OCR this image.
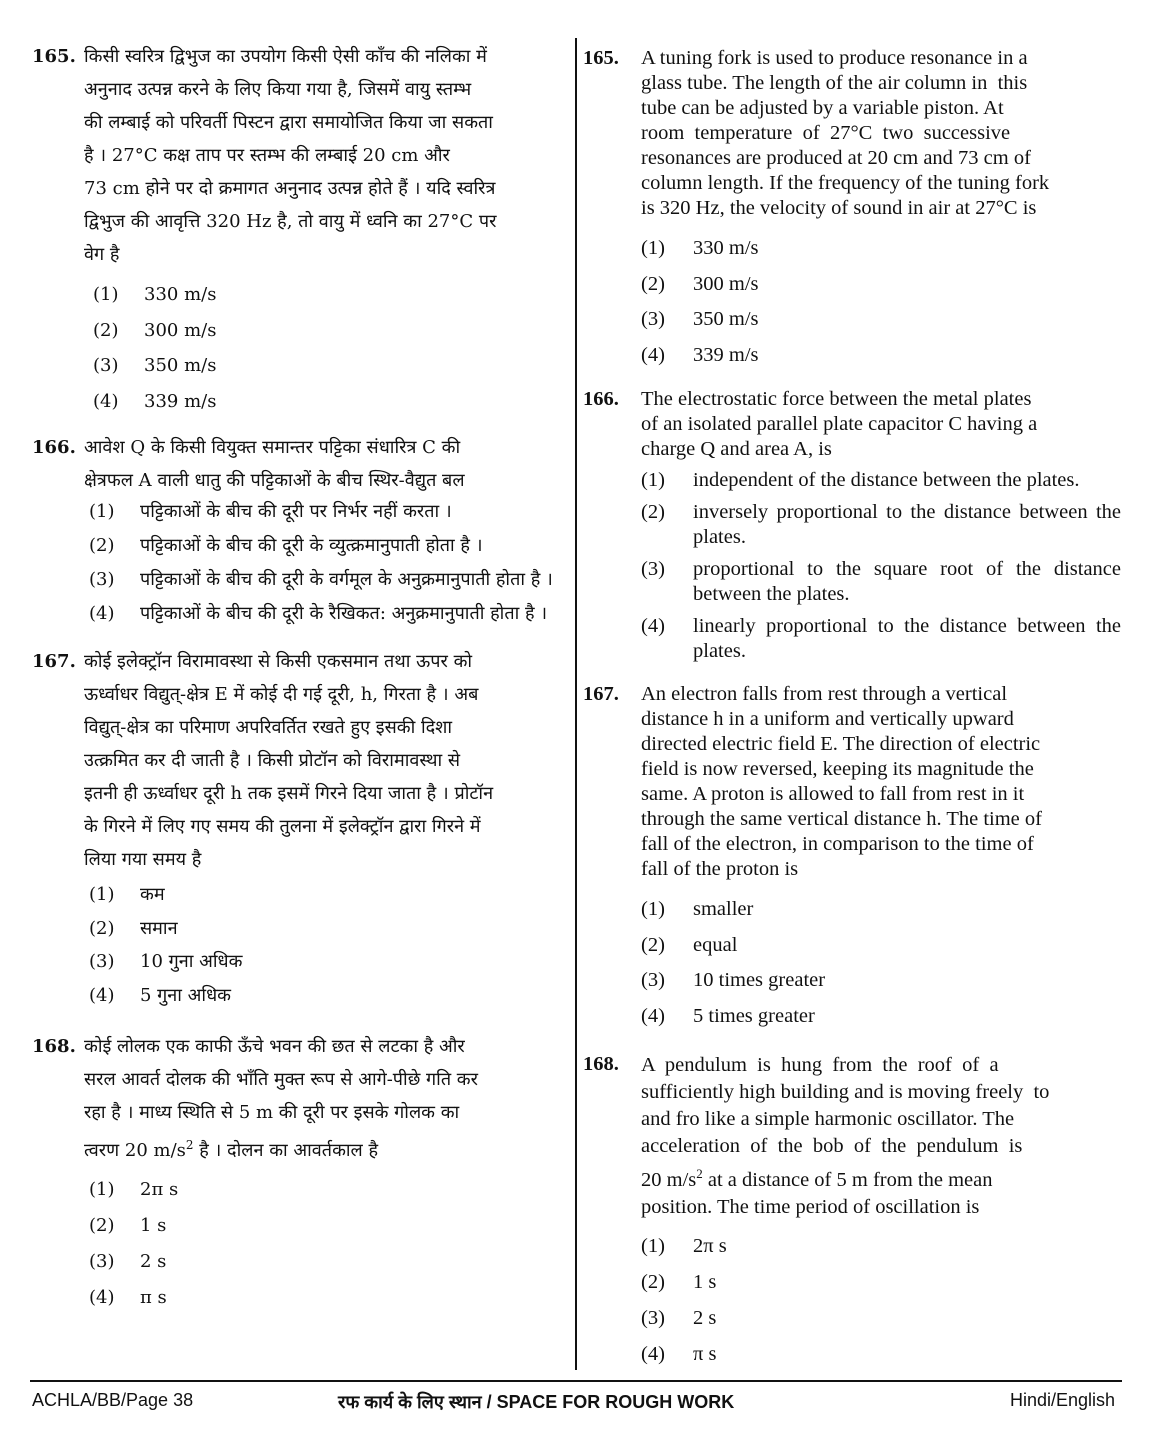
165. किसी स्वरित्र द्विभुज का उपयोग किसी ऐसी काँच की नलिका में
अनुनाद उत्पन्न करने के लिए किया गया है, जिसमें वायु स्तम्भ
की लम्बाई को परिवर्ती पिस्टन द्वारा समायोजित किया जा सकता
है । 27°C कक्ष ताप पर स्तम्भ की लम्बाई 20 cm और
73 cm होने पर दो क्रमागत अनुनाद उत्पन्न होते हैं । यदि स्वरित्र
द्विभुज की आवृत्ति 320 Hz है, तो वायु में ध्वनि का 27°C पर
वेग है
(1) 330 m/s
(2) 300 m/s
(3) 350 m/s
(4) 339 m/s
166. आवेश Q के किसी वियुक्त समान्तर पट्टिका संधारित्र C की
क्षेत्रफल A वाली धातु की पट्टिकाओं के बीच स्थिर-वैद्युत बल
(1) पट्टिकाओं के बीच की दूरी पर निर्भर नहीं करता ।
(2) पट्टिकाओं के बीच की दूरी के व्युत्क्रमानुपाती होता है ।
(3) पट्टिकाओं के बीच की दूरी के वर्गमूल के अनुक्रमानुपाती होता है ।
(4) पट्टिकाओं के बीच की दूरी के रैखिकत: अनुक्रमानुपाती होता है ।
167. कोई इलेक्ट्रॉन विरामावस्था से किसी एकसमान तथा ऊपर को
ऊर्ध्वाधर विद्युत्-क्षेत्र E में कोई दी गई दूरी, h, गिरता है । अब
विद्युत्-क्षेत्र का परिमाण अपरिवर्तित रखते हुए इसकी दिशा
उत्क्रमित कर दी जाती है । किसी प्रोटॉन को विरामावस्था से
इतनी ही ऊर्ध्वाधर दूरी h तक इसमें गिरने दिया जाता है । प्रोटॉन
के गिरने में लिए गए समय की तुलना में इलेक्ट्रॉन द्वारा गिरने में
लिया गया समय है
(1) कम
(2) समान
(3) 10 गुना अधिक
(4) 5 गुना अधिक
168. कोई लोलक एक काफी ऊँचे भवन की छत से लटका है और
सरल आवर्त दोलक की भाँति मुक्त रूप से आगे-पीछे गति कर
रहा है । माध्य स्थिति से 5 m की दूरी पर इसके गोलक का
त्वरण 20 $m/s^2$ है । दोलन का आवर्तकाल है
(1) 2π s
(2) 1 s
(3) 2 s
(4) π s
165. A tuning fork is used to produce resonance in a
glass tube. The length of the air column in  this
tube can be adjusted by a variable piston. At
room  temperature  of  27°C  two  successive
resonances are produced at 20 cm and 73 cm of
column length. If the frequency of the tuning fork
is 320 Hz, the velocity of sound in air at 27°C is
(1) 330 m/s
(2) 300 m/s
(3) 350 m/s
(4) 339 m/s
166. The electrostatic force between the metal plates
of an isolated parallel plate capacitor C having a
charge Q and area A, is
(1) independent of the distance between the plates.
(2) inversely proportional to the distance between the plates.
(3) proportional to the square root of the distance between the plates.
(4) linearly proportional to the distance between the plates.
167. An electron falls from rest through a vertical
distance h in a uniform and vertically upward
directed electric field E. The direction of electric
field is now reversed, keeping its magnitude the
same. A proton is allowed to fall from rest in it
through the same vertical distance h. The time of
fall of the electron, in comparison to the time of
fall of the proton is
(1) smaller
(2) equal
(3) 10 times greater
(4) 5 times greater
168. A  pendulum  is  hung  from  the  roof  of  a
sufficiently high building and is moving freely  to
and fro like a simple harmonic oscillator. The
acceleration  of  the  bob  of  the  pendulum  is
20 $m/s^2$ at a distance of 5 m from the mean
position. The time period of oscillation is
(1) 2π s
(2) 1 s
(3) 2 s
(4) π s
ACHLA/BB/Page 38	रफ कार्य के लिए स्थान / SPACE FOR ROUGH WORK	Hindi/English
